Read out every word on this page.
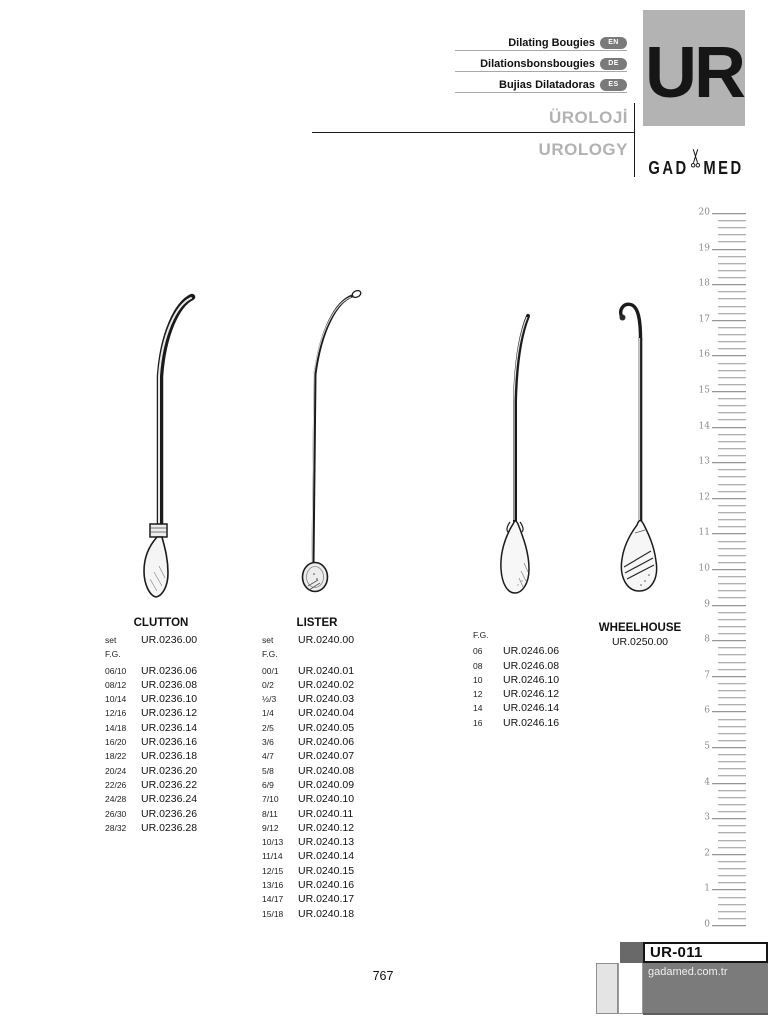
Dilating Bougies	EN
Dilationsbonsbougies	DE
Bujias Dilatadoras	ES UR
ÜROLOJİ
UROLOGY
GAD MED
20
19
18
17
16
15
14
13
12
11
10
9
8
7
6
5
4
3
2
1
0
CLUTTON
set	UR.0236.00
F.G.
06/10	UR.0236.06
08/12	UR.0236.08
10/14	UR.0236.10
12/16	UR.0236.12
14/18	UR.0236.14
16/20	UR.0236.16
18/22	UR.0236.18
20/24	UR.0236.20
22/26	UR.0236.22
24/28	UR.0236.24
26/30	UR.0236.26
28/32	UR.0236.28
LISTER
set	UR.0240.00
F.G.
00/1	UR.0240.01
0/2	UR.0240.02
½/3	UR.0240.03
1/4	UR.0240.04
2/5	UR.0240.05
3/6	UR.0240.06
4/7	UR.0240.07
5/8	UR.0240.08
6/9	UR.0240.09
7/10	UR.0240.10
8/11	UR.0240.11
9/12	UR.0240.12
10/13	UR.0240.13
11/14	UR.0240.14
12/15	UR.0240.15
13/16	UR.0240.16
14/17	UR.0240.17
15/18	UR.0240.18
F.G.
06	UR.0246.06
08	UR.0246.08
10	UR.0246.10
12	UR.0246.12
14	UR.0246.14
16	UR.0246.16
WHEELHOUSE
UR.0250.00
767
UR-011
gadamed.com.tr
